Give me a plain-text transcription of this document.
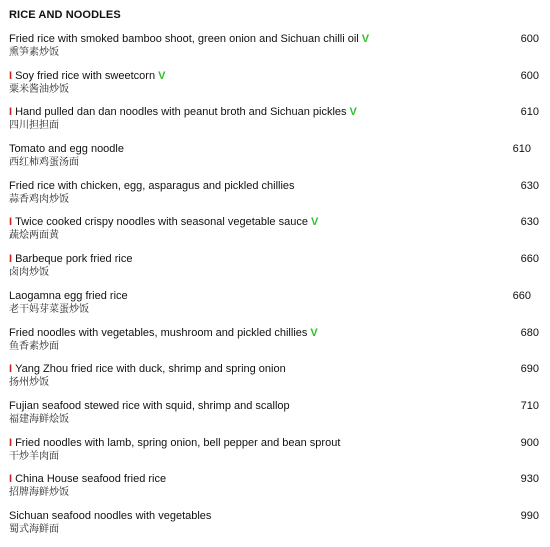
RICE AND NOODLES
Fried rice with smoked bamboo shoot, green onion and Sichuan chilli oil V
熏笋素炒饭
600
I Soy fried rice with sweetcorn V
粟米酱油炒饭
600
I Hand pulled dan dan noodles with peanut broth and Sichuan pickles V
四川担担面
610
Tomato and egg noodle
西红柿鸡蛋汤面
610
Fried rice with chicken, egg, asparagus and pickled chillies
蒜香鸡肉炒饭
630
I Twice cooked crispy noodles with seasonal vegetable sauce V
蔬烩两面黄
630
I Barbeque pork fried rice
卤肉炒饭
660
Laogamna egg fried rice
老干妈芽菜蛋炒饭
660
Fried noodles with vegetables, mushroom and pickled chillies V
鱼香素炒面
680
I Yang Zhou fried rice with duck, shrimp and spring onion
扬州炒饭
690
Fujian seafood stewed rice with squid, shrimp and scallop
福建海鲜烩饭
710
I Fried noodles with lamb, spring onion, bell pepper and bean sprout
干炒羊肉面
900
I China House seafood fried rice
招牌海鲜炒饭
930
Sichuan seafood noodles with vegetables
蜀式海鲜面
990
